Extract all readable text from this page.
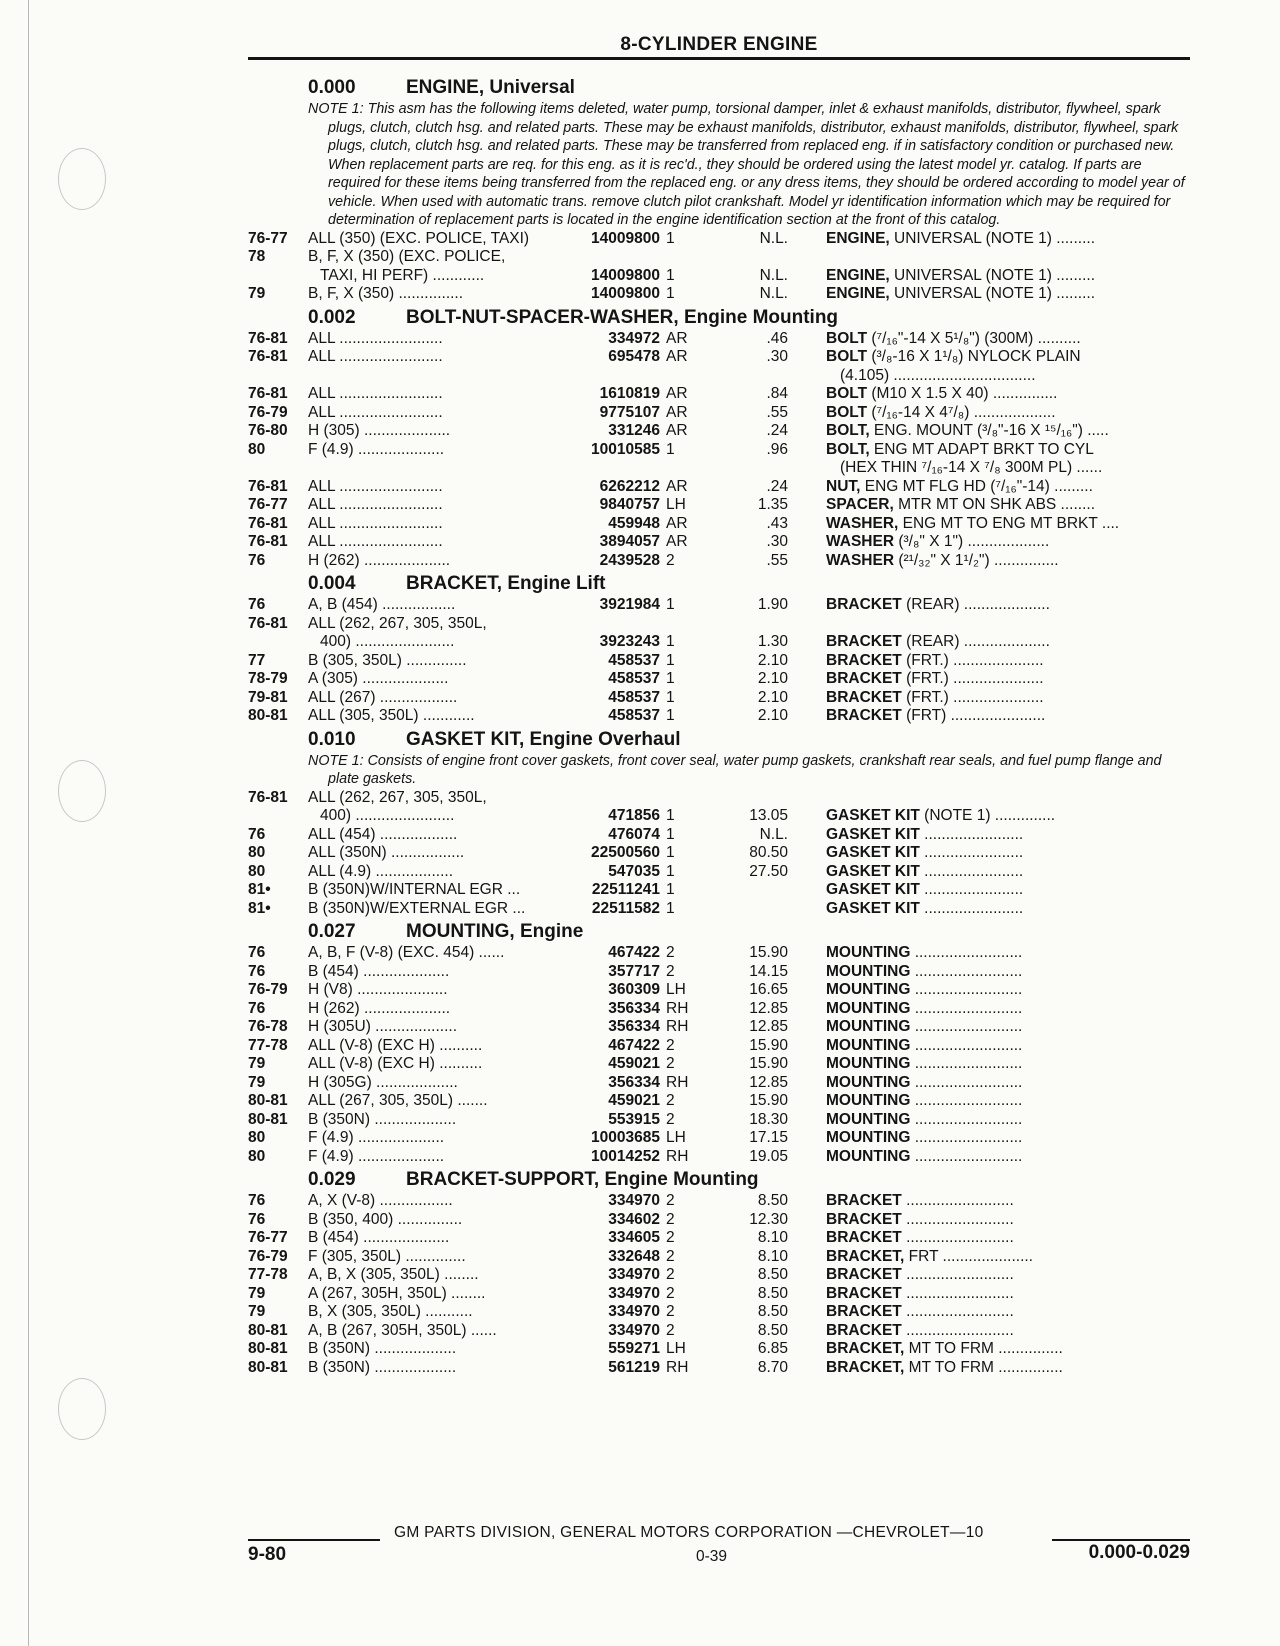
8-CYLINDER ENGINE
0.000	ENGINE, Universal
NOTE 1: This asm has the following items deleted, water pump, torsional damper, inlet & exhaust manifolds, distributor, flywheel, spark plugs, clutch, clutch hsg. and related parts. These may be exhaust manifolds, distributor, exhaust manifolds, distributor, flywheel, spark plugs, clutch, clutch hsg. and related parts. These may be transferred from replaced eng. if in satisfactory condition or purchased new. When replacement parts are req. for this eng. as it is rec'd., they should be ordered using the latest model yr. catalog. If parts are required for these items being transferred from the replaced eng. or any dress items, they should be ordered according to model year of vehicle. When used with automatic trans. remove clutch pilot crankshaft. Model yr identification information which may be required for determination of replacement parts is located in the engine identification section at the front of this catalog.
76-77 ALL (350) (EXC. POLICE, TAXI)	14009800 1	N.L. ENGINE, UNIVERSAL (NOTE 1) .........
78	B, F, X (350) (EXC. POLICE,
TAXI, HI PERF) ............	14009800 1	N.L. ENGINE, UNIVERSAL (NOTE 1) .........
79	B, F, X (350) ...............	14009800 1	N.L. ENGINE, UNIVERSAL (NOTE 1) .........
0.002	BOLT-NUT-SPACER-WASHER, Engine Mounting
76-81 ALL ........................	334972 AR	.46 BOLT (⁷/₁₆"-14 X 5¹/₈") (300M) ..........
76-81 ALL ........................	695478 AR	.30 BOLT (³/₈-16 X 1¹/₈) NYLOCK PLAIN
(4.105) .................................
76-81 ALL ........................	1610819 AR	.84 BOLT (M10 X 1.5 X 40) ...............
76-79 ALL ........................	9775107 AR	.55 BOLT (⁷/₁₆-14 X 4⁷/₈) ...................
76-80 H (305) ....................	331246 AR	.24 BOLT, ENG. MOUNT (³/₈"-16 X ¹⁵/₁₆") .....
80	F (4.9) ....................	10010585 1	.96 BOLT, ENG MT ADAPT BRKT TO CYL
(HEX THIN ⁷/₁₆-14 X ⁷/₈ 300M PL) ......
76-81 ALL ........................	6262212 AR	.24 NUT, ENG MT FLG HD (⁷/₁₆"-14) .........
76-77 ALL ........................	9840757 LH	1.35 SPACER, MTR MT ON SHK ABS ........
76-81 ALL ........................	459948 AR	.43 WASHER, ENG MT TO ENG MT BRKT ....
76-81 ALL ........................	3894057 AR	.30 WASHER (³/₈" X 1") ...................
76	H (262) ....................	2439528 2	.55 WASHER (²¹/₃₂" X 1¹/₂") ...............
0.004	BRACKET, Engine Lift
76	A, B (454) .................	3921984 1	1.90 BRACKET (REAR) ....................
76-81 ALL (262, 267, 305, 350L,
400) .......................	3923243 1	1.30 BRACKET (REAR) ....................
77	B (305, 350L) ..............	458537 1	2.10 BRACKET (FRT.) .....................
78-79 A (305) ....................	458537 1	2.10 BRACKET (FRT.) .....................
79-81 ALL (267) ..................	458537 1	2.10 BRACKET (FRT.) .....................
80-81 ALL (305, 350L) ............	458537 1	2.10 BRACKET (FRT) ......................
0.010	GASKET KIT, Engine Overhaul
NOTE 1: Consists of engine front cover gaskets, front cover seal, water pump gaskets, crankshaft rear seals, and fuel pump flange and plate gaskets.
76-81 ALL (262, 267, 305, 350L,
400) .......................	471856 1	13.05 GASKET KIT (NOTE 1) ..............
76	ALL (454) ..................	476074 1	N.L. GASKET KIT .......................
80	ALL (350N) .................	22500560 1	80.50 GASKET KIT .......................
80	ALL (4.9) ..................	547035 1	27.50 GASKET KIT .......................
81• B (350N)W/INTERNAL EGR ...	22511241 1	GASKET KIT .......................
81• B (350N)W/EXTERNAL EGR ...	22511582 1	GASKET KIT .......................
0.027	MOUNTING, Engine
76	A, B, F (V-8) (EXC. 454) ......	467422 2	15.90 MOUNTING .........................
76	B (454) ....................	357717 2	14.15 MOUNTING .........................
76-79 H (V8) .....................	360309 LH	16.65 MOUNTING .........................
76	H (262) ....................	356334 RH	12.85 MOUNTING .........................
76-78 H (305U) ...................	356334 RH	12.85 MOUNTING .........................
77-78 ALL (V-8) (EXC H) ..........	467422 2	15.90 MOUNTING .........................
79	ALL (V-8) (EXC H) ..........	459021 2	15.90 MOUNTING .........................
79	H (305G) ...................	356334 RH	12.85 MOUNTING .........................
80-81 ALL (267, 305, 350L) .......	459021 2	15.90 MOUNTING .........................
80-81 B (350N) ...................	553915 2	18.30 MOUNTING .........................
80	F (4.9) ....................	10003685 LH	17.15 MOUNTING .........................
80	F (4.9) ....................	10014252 RH	19.05 MOUNTING .........................
0.029	BRACKET-SUPPORT, Engine Mounting
76	A, X (V-8) .................	334970 2	8.50 BRACKET .........................
76	B (350, 400) ...............	334602 2	12.30 BRACKET .........................
76-77 B (454) ....................	334605 2	8.10 BRACKET .........................
76-79 F (305, 350L) ..............	332648 2	8.10 BRACKET, FRT .....................
77-78 A, B, X (305, 350L) ........	334970 2	8.50 BRACKET .........................
79	A (267, 305H, 350L) ........	334970 2	8.50 BRACKET .........................
79	B, X (305, 350L) ...........	334970 2	8.50 BRACKET .........................
80-81 A, B (267, 305H, 350L) ......	334970 2	8.50 BRACKET .........................
80-81 B (350N) ...................	559271 LH	6.85 BRACKET, MT TO FRM ...............
80-81 B (350N) ...................	561219 RH	8.70 BRACKET, MT TO FRM ...............
GM PARTS DIVISION, GENERAL MOTORS CORPORATION —CHEVROLET—10
9-80	0-39	0.000-0.029
